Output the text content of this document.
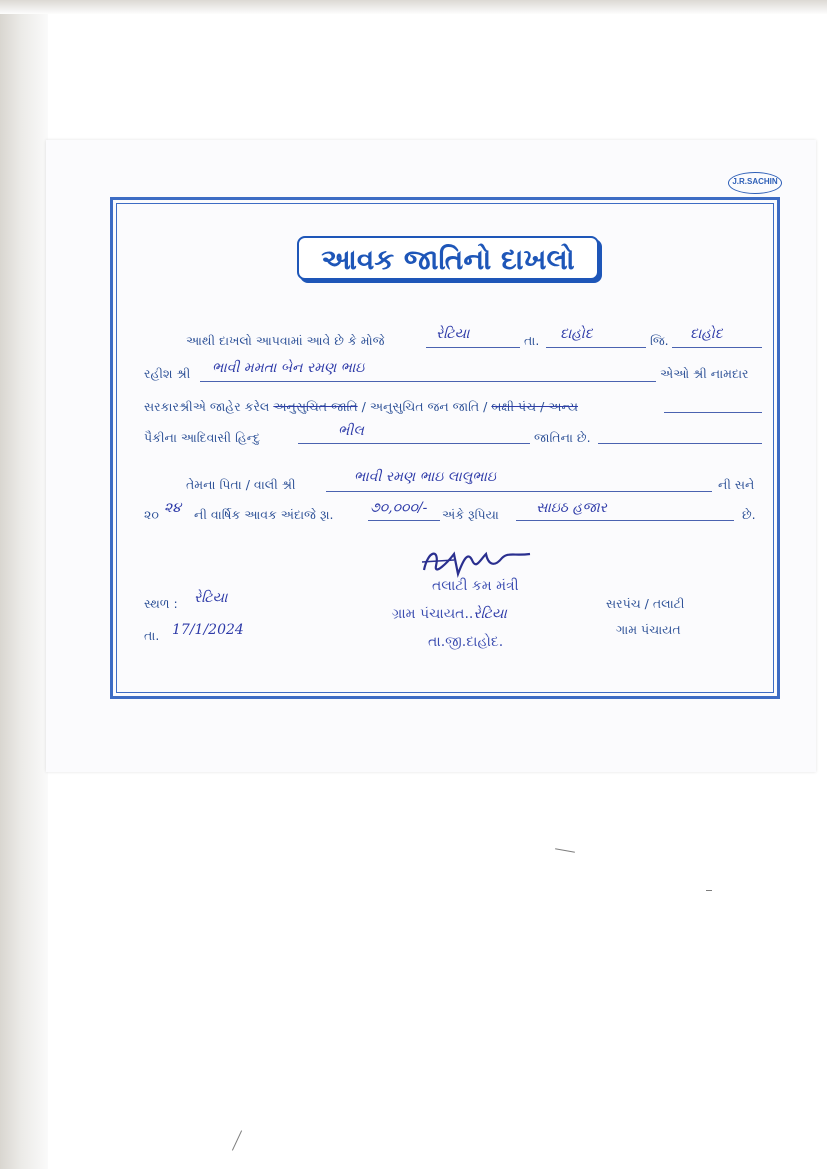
J.R.SACHIN
આવક જાતિનો દાખલો
આથી દાખલો આપવામાં આવે છે કે મોજે	રેટિયા	તા. દાહોદ	જિ. દાહોદ
રહીશ શ્રી ભાવી મમતા બેન રમણ ભાઇ	એઓ શ્રી નામદાર
સરકારશ્રીએ જાહેર કરેલ અનુસુચિત જાતિ / અનુસુચિત જન જાતિ / બક્ષી પંચ / અન્ય
પૈકીના આદિવાસી હિન્દુ	ભીલ	જાતિના છે.
તેમના પિતા / વાલી શ્રી	ભાવી રમણ ભાઇ લાલુભાઇ	ની સને
૨૦ ૨૪ ની વાર્ષિક આવક અંદાજે રૂા.	૭૦,૦૦૦/- અંકે રૂપિયા	સાઇઠ હજાર	છે.
તલાટી કમ મંત્રી
ગ્રામ પંચાયત..રેટિયા
તા.જી.દાહોદ.
સ્થળ : રેટિયા
તા. 17/1/2024
સરપંચ / તલાટી
ગામ પંચાયત
